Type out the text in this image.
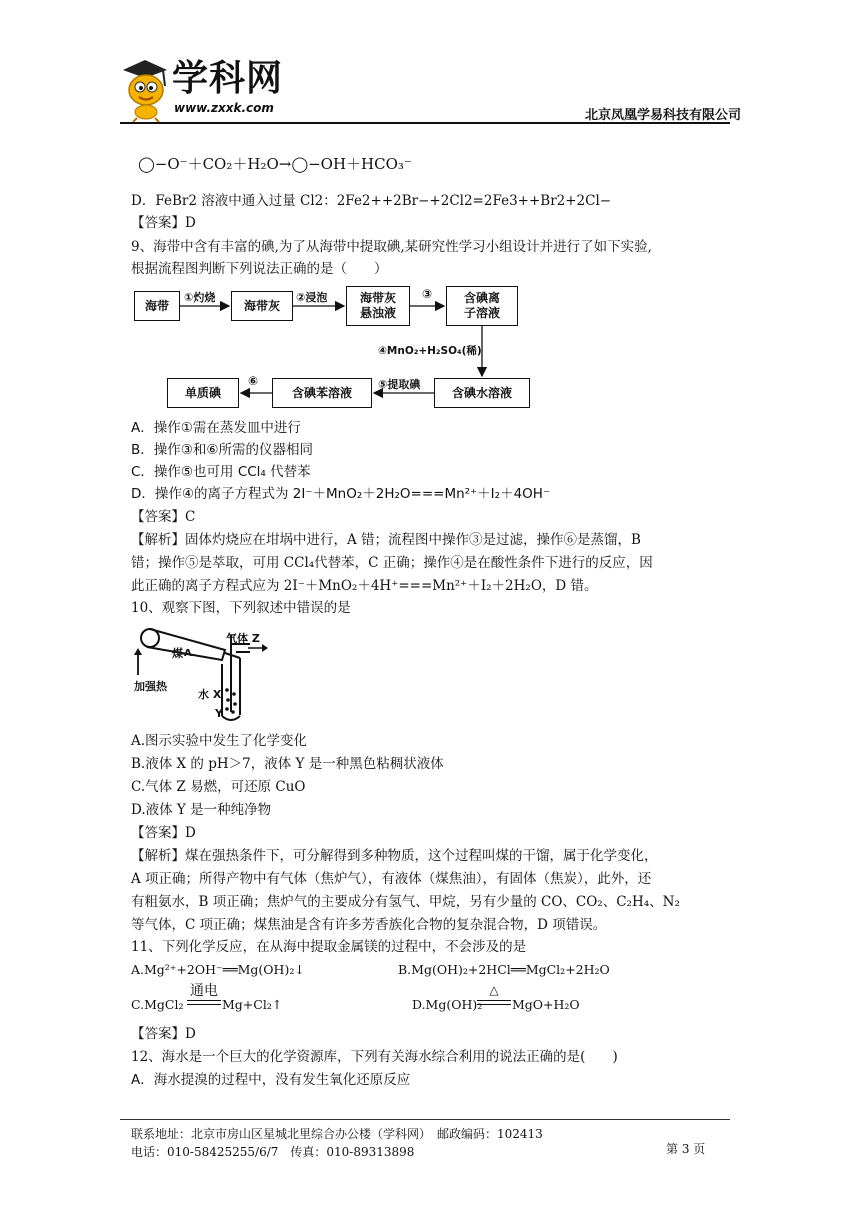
学科网
www.zxxk.com	北京凤凰学易科技有限公司
◯−O⁻＋CO₂＋H₂O→◯−OH＋HCO₃⁻
D．FeBr2 溶液中通入过量 Cl2：2Fe2++2Br−+2Cl2=2Fe3++Br2+2Cl−
【答案】D
9、海带中含有丰富的碘,为了从海带中提取碘,某研究性学习小组设计并进行了如下实验,
根据流程图判断下列说法正确的是（　　）
海带	海带灰
海带灰
悬浊液
含碘离
子溶液
含碘水溶液
含碘苯溶液
单质碘
①灼烧	②浸泡	③
④MnO₂+H₂SO₄(稀)
⑤提取碘
⑥
A．操作①需在蒸发皿中进行
B．操作③和⑥所需的仪器相同
C．操作⑤也可用 CCl₄ 代替苯
D．操作④的离子方程式为 2I⁻＋MnO₂＋2H₂O===Mn²⁺＋I₂＋4OH⁻
【答案】C
【解析】固体灼烧应在坩埚中进行，A 错；流程图中操作③是过滤，操作⑥是蒸馏，B
错；操作⑤是萃取，可用 CCl₄代替苯，C 正确；操作④是在酸性条件下进行的反应，因
此正确的离子方程式应为 2I⁻＋MnO₂＋4H⁺===Mn²⁺＋I₂＋2H₂O，D 错。
10、观察下图，下列叙述中错误的是
煤 A
加强热
气体 Z
水 X
Y
A.图示实验中发生了化学变化
B.液体 X 的 pH＞7，液体 Y 是一种黑色粘稠状液体
C.气体 Z 易燃，可还原 CuO
D.液体 Y 是一种纯净物
【答案】D
【解析】煤在强热条件下，可分解得到多种物质，这个过程叫煤的干馏，属于化学变化，
A 项正确；所得产物中有气体（焦炉气），有液体（煤焦油），有固体（焦炭），此外，还
有粗氨水，B 项正确；焦炉气的主要成分有氢气、甲烷，另有少量的 CO、CO₂、C₂H₄、N₂
等气体，C 项正确；煤焦油是含有许多芳香族化合物的复杂混合物，D 项错误。
11、下列化学反应，在从海中提取金属镁的过程中，不会涉及的是
A.Mg²⁺+2OH⁻══Mg(OH)₂↓	B.Mg(OH)₂+2HCl══MgCl₂+2H₂O
C.MgCl₂
通电
Mg+Cl₂↑	D.Mg(OH)₂
△
MgO+H₂O
【答案】D
12、海水是一个巨大的化学资源库，下列有关海水综合利用的说法正确的是(　　)
A．海水提溴的过程中，没有发生氧化还原反应
联系地址：北京市房山区星城北里综合办公楼（学科网）　邮政编码：102413
电话：010-58425255/6/7　传真：010-89313898	第 3 页
